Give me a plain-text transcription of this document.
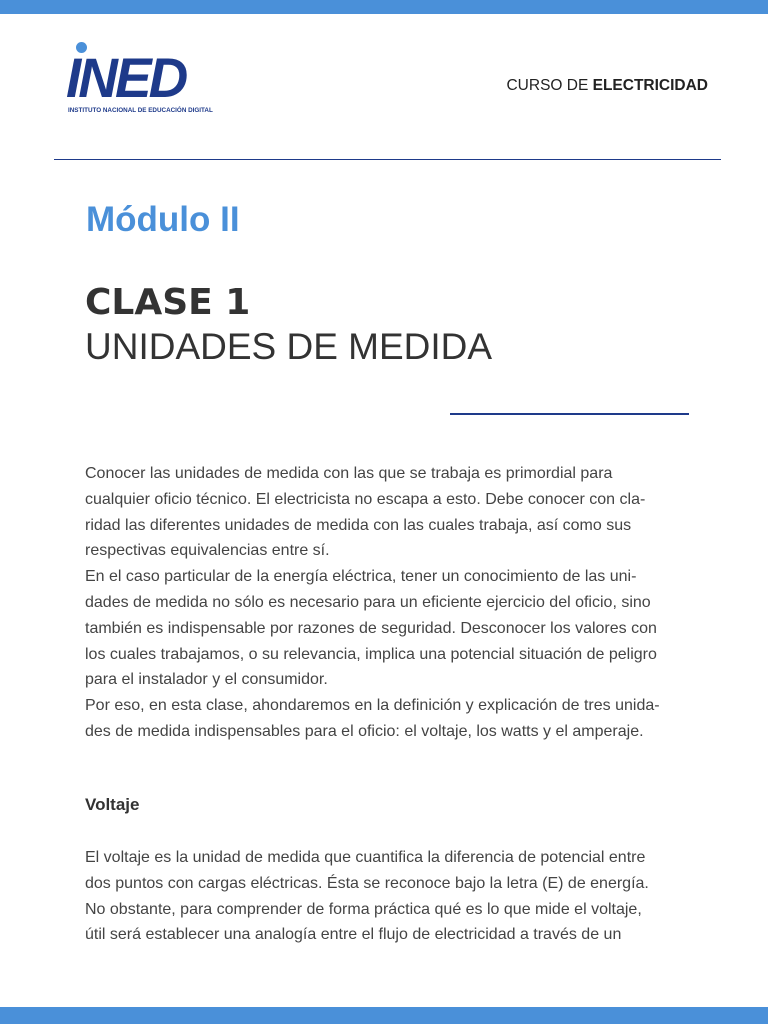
INED
INSTITUTO NACIONAL DE EDUCACIÓN DIGITAL
CURSO DE ELECTRICIDAD
Módulo II
CLASE 1
UNIDADES DE MEDIDA
Conocer las unidades de medida con las que se trabaja es primordial para
cualquier oficio técnico. El electricista no escapa a esto. Debe conocer con cla-
ridad las diferentes unidades de medida con las cuales trabaja, así como sus
respectivas equivalencias entre sí.
En el caso particular de la energía eléctrica, tener un conocimiento de las uni-
dades de medida no sólo es necesario para un eficiente ejercicio del oficio, sino
también es indispensable por razones de seguridad. Desconocer los valores con
los cuales trabajamos, o su relevancia, implica una potencial situación de peligro
para el instalador y el consumidor.
Por eso, en esta clase, ahondaremos en la definición y explicación de tres unida-
des de medida indispensables para el oficio: el voltaje, los watts y el amperaje.
Voltaje
El voltaje es la unidad de medida que cuantifica la diferencia de potencial entre
dos puntos con cargas eléctricas. Ésta se reconoce bajo la letra (E) de energía.
No obstante, para comprender de forma práctica qué es lo que mide el voltaje,
útil será establecer una analogía entre el flujo de electricidad a través de un
